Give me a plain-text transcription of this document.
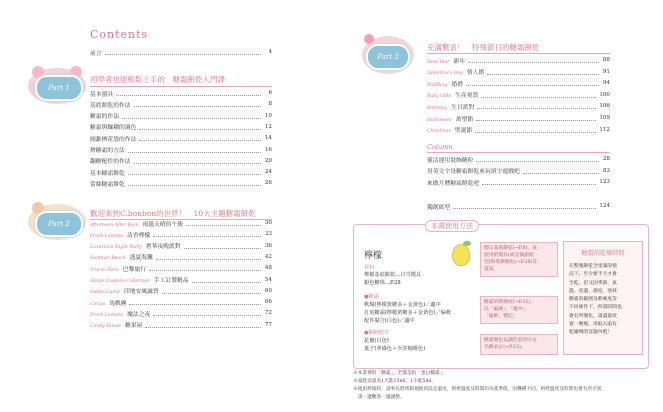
Contents
前言	4
Part 1
初學者也能輕鬆上手的　糖霜餅乾入門課
基本器具	6
基底餅乾的作法	8
糖霜的作法	10
糖霜與麵糊的調色	12
圓錐擠花袋的作法	14
擠糖霜的方法	16
翻糖配件的作法	20
基本糖霜餅乾	24
蕾絲糖霜餅乾	26
Part 2
歡迎來到C.bonbon的世界！　10大主題糖霜餅乾
Afternoon After Rain 雨過天晴的午後	30
Fresh Lemons 清香檸檬	33
Luxurious Night Party 奢華夜晚派對	36
Summer Beach 盛夏海灘	42
Trip to Paris 巴黎旅行	48
Haute Couture Collection 手工訂製精品	54
Indian Camp 印地安風露營	60
Circus 馬戲團	66
Fresh Lemons 魔法之夜	72
Candy House 糖果屋	77
Part 3
充滿驚喜！　特殊節日的糖霜餅乾
New Year 新年	88
Valentine's Day 情人節	91
Wedding 婚禮	94
Baby Gifts 生產祝賀	100
Birthday 生日派對	106
Halloween 萬聖節	109
Christmas 聖誕節	112
Column
靈活運用裝飾糖粒	28
用英文字母糖霜餅乾來玩填字遊戲吧	83
來做月曆糖霜餅乾吧	123
獨創紙型	124
本書使用方法
檸檬
材料
檸檬基底餅乾…白雪模具
銀色糖珠…P.28
●糖霜
軟線(檸檬黃糖多＋金黃色)／適中
打底糖霜(檸檬黃糖多＋金黃色)／偏軟
配件黏合(白色)／適中
●翻糖配件
花瓣(白色)
葉子(翠綠色＋少許咖啡色)
標示基底餅乾(→P.8)，並
使用的模具(或是獨創紙
型)和裝飾糖粒(→P.28)等
資訊。
糖霜的軟硬度(→P.11)，
以「偏硬」、「適中」、
「偏軟」標記。
糖霜顏色以調色前的中文
名稱表示(→P.13)。
糖霜的乾燥時間
在整塊餅乾全塗滿的情
況下，至少要半天才會
全乾。但又因季節、氣
溫、室溫、濕度，塗抹
糖霜的範圍及軟硬度等
不同條件下，所需時間也
會有所變化，請盡量放
置一晚後，再取入貼有
乾燥劑的容器內吧！
※本書裡的「糖霜」，全都是指「蛋白糖霜」。
※量匙容量為1大匙15ml、1小匙5ml。
※使用烤箱時，請事先將烤箱預熱到設定溫度，烘烤溫度及時間均為基準值，因機種不同，烘烤溫度及時間也會有所差異，
　請一邊觀察一邊調整。
